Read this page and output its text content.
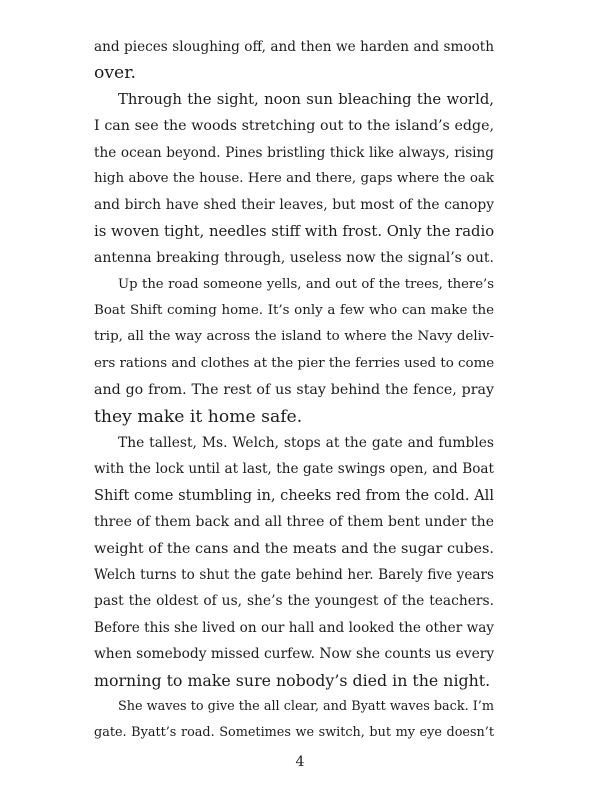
and pieces sloughing off, and then we harden and smooth
over.
Through the sight, noon sun bleaching the world,
I can see the woods stretching out to the island’s edge,
the ocean beyond. Pines bristling thick like always, rising
high above the house. Here and there, gaps where the oak
and birch have shed their leaves, but most of the canopy
is woven tight, needles stiff with frost. Only the radio
antenna breaking through, useless now the signal’s out.
Up the road someone yells, and out of the trees, there’s
Boat Shift coming home. It’s only a few who can make the
trip, all the way across the island to where the Navy deliv-
ers rations and clothes at the pier the ferries used to come
and go from. The rest of us stay behind the fence, pray
they make it home safe.
The tallest, Ms. Welch, stops at the gate and fumbles
with the lock until at last, the gate swings open, and Boat
Shift come stumbling in, cheeks red from the cold. All
three of them back and all three of them bent under the
weight of the cans and the meats and the sugar cubes.
Welch turns to shut the gate behind her. Barely five years
past the oldest of us, she’s the youngest of the teachers.
Before this she lived on our hall and looked the other way
when somebody missed curfew. Now she counts us every
morning to make sure nobody’s died in the night.
She waves to give the all clear, and Byatt waves back. I’m
gate. Byatt’s road. Sometimes we switch, but my eye doesn’t
4
